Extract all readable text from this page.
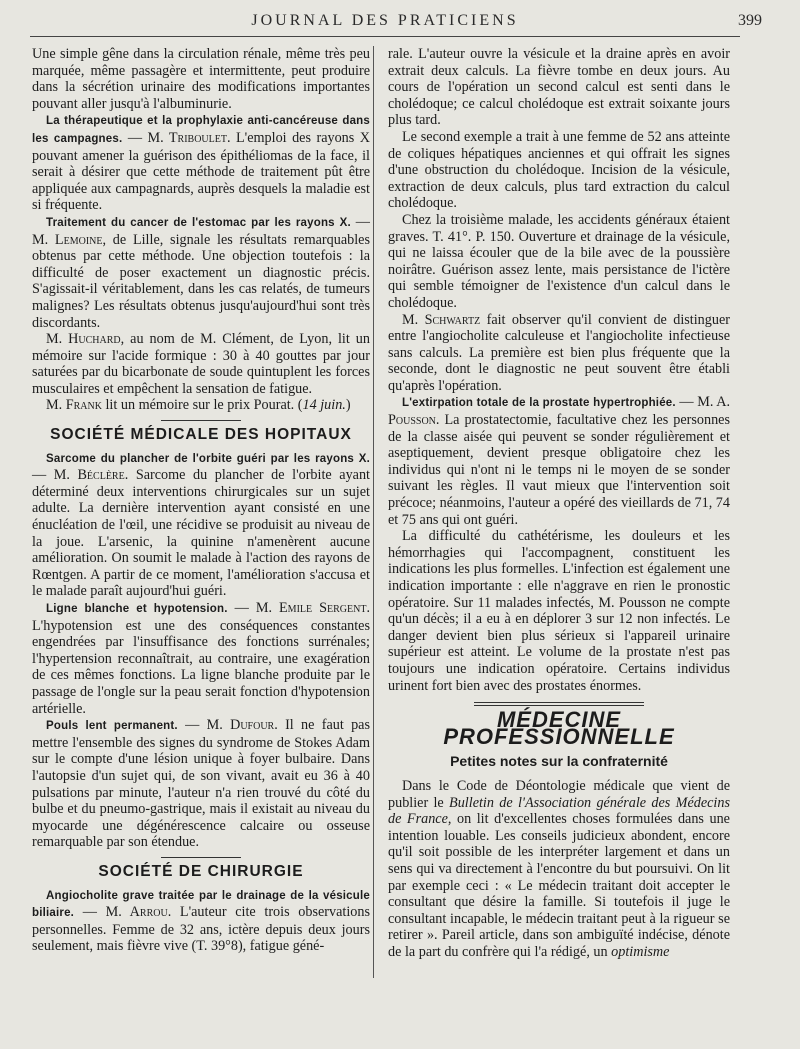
JOURNAL DES PRATICIENS	399

Une simple gêne dans la circulation rénale, même très peu marquée, même passagère et intermittente, peut produire dans la sécrétion urinaire des modifications importantes pouvant aller jusqu'à l'albuminurie.

La thérapeutique et la prophylaxie anti-cancéreuse dans les campagnes. — M. Triboulet. L'emploi des rayons X pouvant amener la guérison des épithéliomas de la face, il serait à désirer que cette méthode de traitement pût être appliquée aux campagnards, auprès desquels la maladie est si fréquente.

Traitement du cancer de l'estomac par les rayons X. — M. Lemoine, de Lille, signale les résultats remarquables obtenus par cette méthode. Une objection toutefois : la difficulté de poser exactement un diagnostic précis. S'agissait-il véritablement, dans les cas relatés, de tumeurs malignes? Les résultats obtenus jusqu'aujourd'hui sont très discordants.

M. Huchard, au nom de M. Clément, de Lyon, lit un mémoire sur l'acide formique : 30 à 40 gouttes par jour saturées par du bicarbonate de soude quintuplent les forces musculaires et empêchent la sensation de fatigue.

M. Frank lit un mémoire sur le prix Pourat. (14 juin.)

SOCIÉTÉ MÉDICALE DES HOPITAUX

Sarcome du plancher de l'orbite guéri par les rayons X. — M. Béclère. Sarcome du plancher de l'orbite ayant déterminé deux interventions chirurgicales sur un sujet adulte. La dernière intervention ayant consisté en une énucléation de l'œil, une récidive se produisit au niveau de la joue. L'arsenic, la quinine n'amenèrent aucune amélioration. On soumit le malade à l'action des rayons de Rœntgen. A partir de ce moment, l'amélioration s'accusa et le malade paraît aujourd'hui guéri.

Ligne blanche et hypotension. — M. Emile Sergent. L'hypotension est une des conséquences constantes engendrées par l'insuffisance des fonctions surrénales; l'hypertension reconnaîtrait, au contraire, une exagération de ces mêmes fonctions. La ligne blanche produite par le passage de l'ongle sur la peau serait fonction d'hypotension artérielle.

Pouls lent permanent. — M. Dufour. Il ne faut pas mettre l'ensemble des signes du syndrome de Stokes Adam sur le compte d'une lésion unique à foyer bulbaire. Dans l'autopsie d'un sujet qui, de son vivant, avait eu 36 à 40 pulsations par minute, l'auteur n'a rien trouvé du côté du bulbe et du pneumo-gastrique, mais il existait au niveau du myocarde une dégénérescence calcaire ou osseuse remarquable par son étendue.

SOCIÉTÉ DE CHIRURGIE

Angiocholite grave traitée par le drainage de la vésicule biliaire. — M. Arrou. L'auteur cite trois observations personnelles. Femme de 32 ans, ictère depuis deux jours seulement, mais fièvre vive (T. 39°8), fatigue géné-

rale. L'auteur ouvre la vésicule et la draine après en avoir extrait deux calculs. La fièvre tombe en deux jours. Au cours de l'opération un second calcul est senti dans le cholédoque; ce calcul cholédoque est extrait soixante jours plus tard.

Le second exemple a trait à une femme de 52 ans atteinte de coliques hépatiques anciennes et qui offrait les signes d'une obstruction du cholédoque. Incision de la vésicule, extraction de deux calculs, plus tard extraction du calcul cholédoque.

Chez la troisième malade, les accidents généraux étaient graves. T. 41°. P. 150. Ouverture et drainage de la vésicule, qui ne laissa écouler que de la bile avec de la poussière noirâtre. Guérison assez lente, mais persistance de l'ictère qui semble témoigner de l'existence d'un calcul dans le cholédoque.

M. Schwartz fait observer qu'il convient de distinguer entre l'angiocholite calculeuse et l'angiocholite infectieuse sans calculs. La première est bien plus fréquente que la seconde, dont le diagnostic ne peut souvent être établi qu'après l'opération.

L'extirpation totale de la prostate hypertrophiée. — M. A. Pousson. La prostatectomie, facultative chez les personnes de la classe aisée qui peuvent se sonder régulièrement et aseptiquement, devient presque obligatoire chez les individus qui n'ont ni le temps ni le moyen de se sonder suivant les règles. Il vaut mieux que l'intervention soit précoce; néanmoins, l'auteur a opéré des vieillards de 71, 74 et 75 ans qui ont guéri.

La difficulté du cathétérisme, les douleurs et les hémorrhagies qui l'accompagnent, constituent les indications les plus formelles. L'infection est également une indication importante : elle n'aggrave en rien le pronostic opératoire. Sur 11 malades infectés, M. Pousson ne compte qu'un décès; il a eu à en déplorer 3 sur 12 non infectés. Le danger devient bien plus sérieux si l'appareil urinaire supérieur est atteint. Le volume de la prostate n'est pas toujours une indication opératoire. Certains individus urinent fort bien avec des prostates énormes.

MÉDECINE PROFESSIONNELLE
Petites notes sur la confraternité

Dans le Code de Déontologie médicale que vient de publier le Bulletin de l'Association générale des Médecins de France, on lit d'excellentes choses formulées dans une intention louable. Les conseils judicieux abondent, encore qu'il soit possible de les interpréter largement et dans un sens qui va directement à l'encontre du but poursuivi. On lit par exemple ceci : « Le médecin traitant doit accepter le consultant que désire la famille. Si toutefois il juge le consultant incapable, le médecin traitant peut à la rigueur se retirer ». Pareil article, dans son ambiguïté indécise, dénote de la part du confrère qui l'a rédigé, un optimisme
